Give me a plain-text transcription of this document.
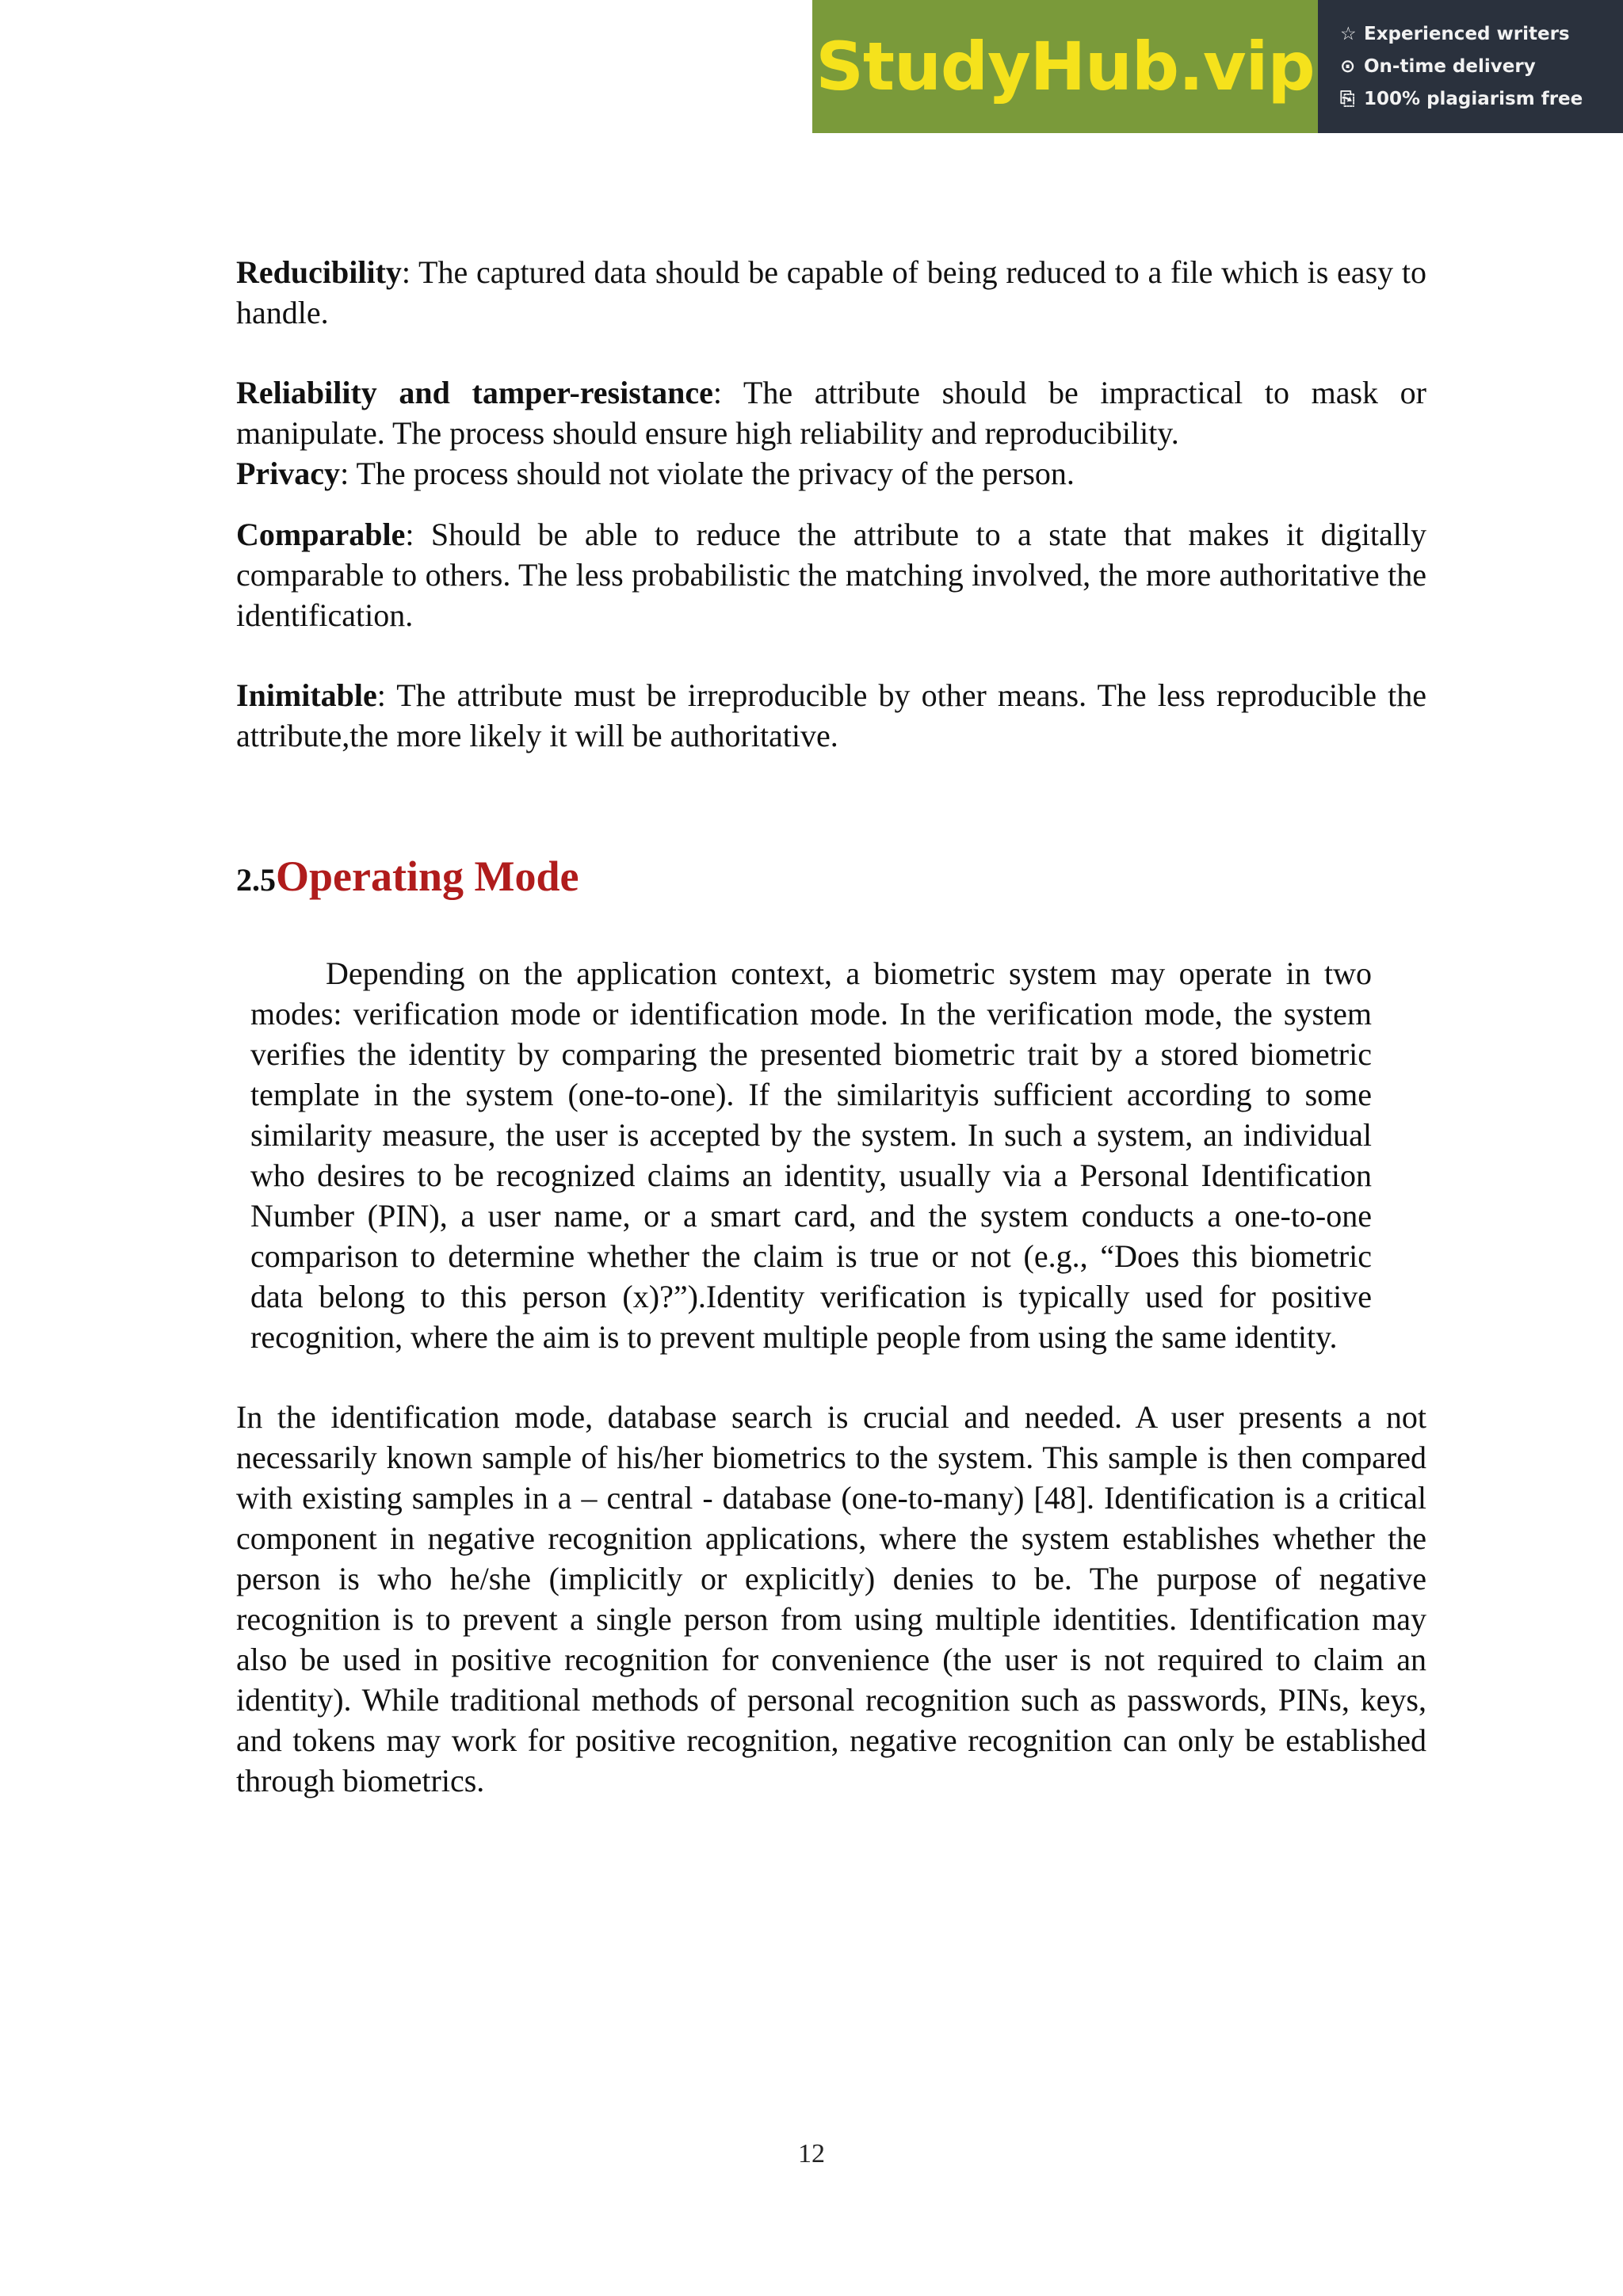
StudyHub.vip ☆ Experienced writers
⊙ On-time delivery
⎘ 100% plagiarism free

Reducibility: The captured data should be capable of being reduced to a file which is easy to handle.

Reliability and tamper-resistance: The attribute should be impractical to mask or manipulate. The process should ensure high reliability and reproducibility.

Privacy: The process should not violate the privacy of the person.

Comparable: Should be able to reduce the attribute to a state that makes it digitally comparable to others. The less probabilistic the matching involved, the more authoritative the identification.

Inimitable: The attribute must be irreproducible by other means. The less reproducible the attribute,the more likely it will be authoritative.

2.5Operating Mode

Depending on the application context, a biometric system may operate in two modes: verification mode or identification mode. In the verification mode, the system verifies the identity by comparing the presented biometric trait by a stored biometric template in the system (one-to-one). If the similarityis sufficient according to some similarity measure, the user is accepted by the system. In such a system, an individual who desires to be recognized claims an identity, usually via a Personal Identification Number (PIN), a user name, or a smart card, and the system conducts a one-to-one comparison to determine whether the claim is true or not (e.g., “Does this biometric data belong to this person (x)?”).Identity verification is typically used for positive recognition, where the aim is to prevent multiple people from using the same identity.

In the identification mode, database search is crucial and needed. A user presents a not necessarily known sample of his/her biometrics to the system. This sample is then compared with existing samples in a – central - database (one-to-many) [48]. Identification is a critical component in negative recognition applications, where the system establishes whether the person is who he/she (implicitly or explicitly) denies to be. The purpose of negative recognition is to prevent a single person from using multiple identities. Identification may also be used in positive recognition for convenience (the user is not required to claim an identity). While traditional methods of personal recognition such as passwords, PINs, keys, and tokens may work for positive recognition, negative recognition can only be established through biometrics.

12
